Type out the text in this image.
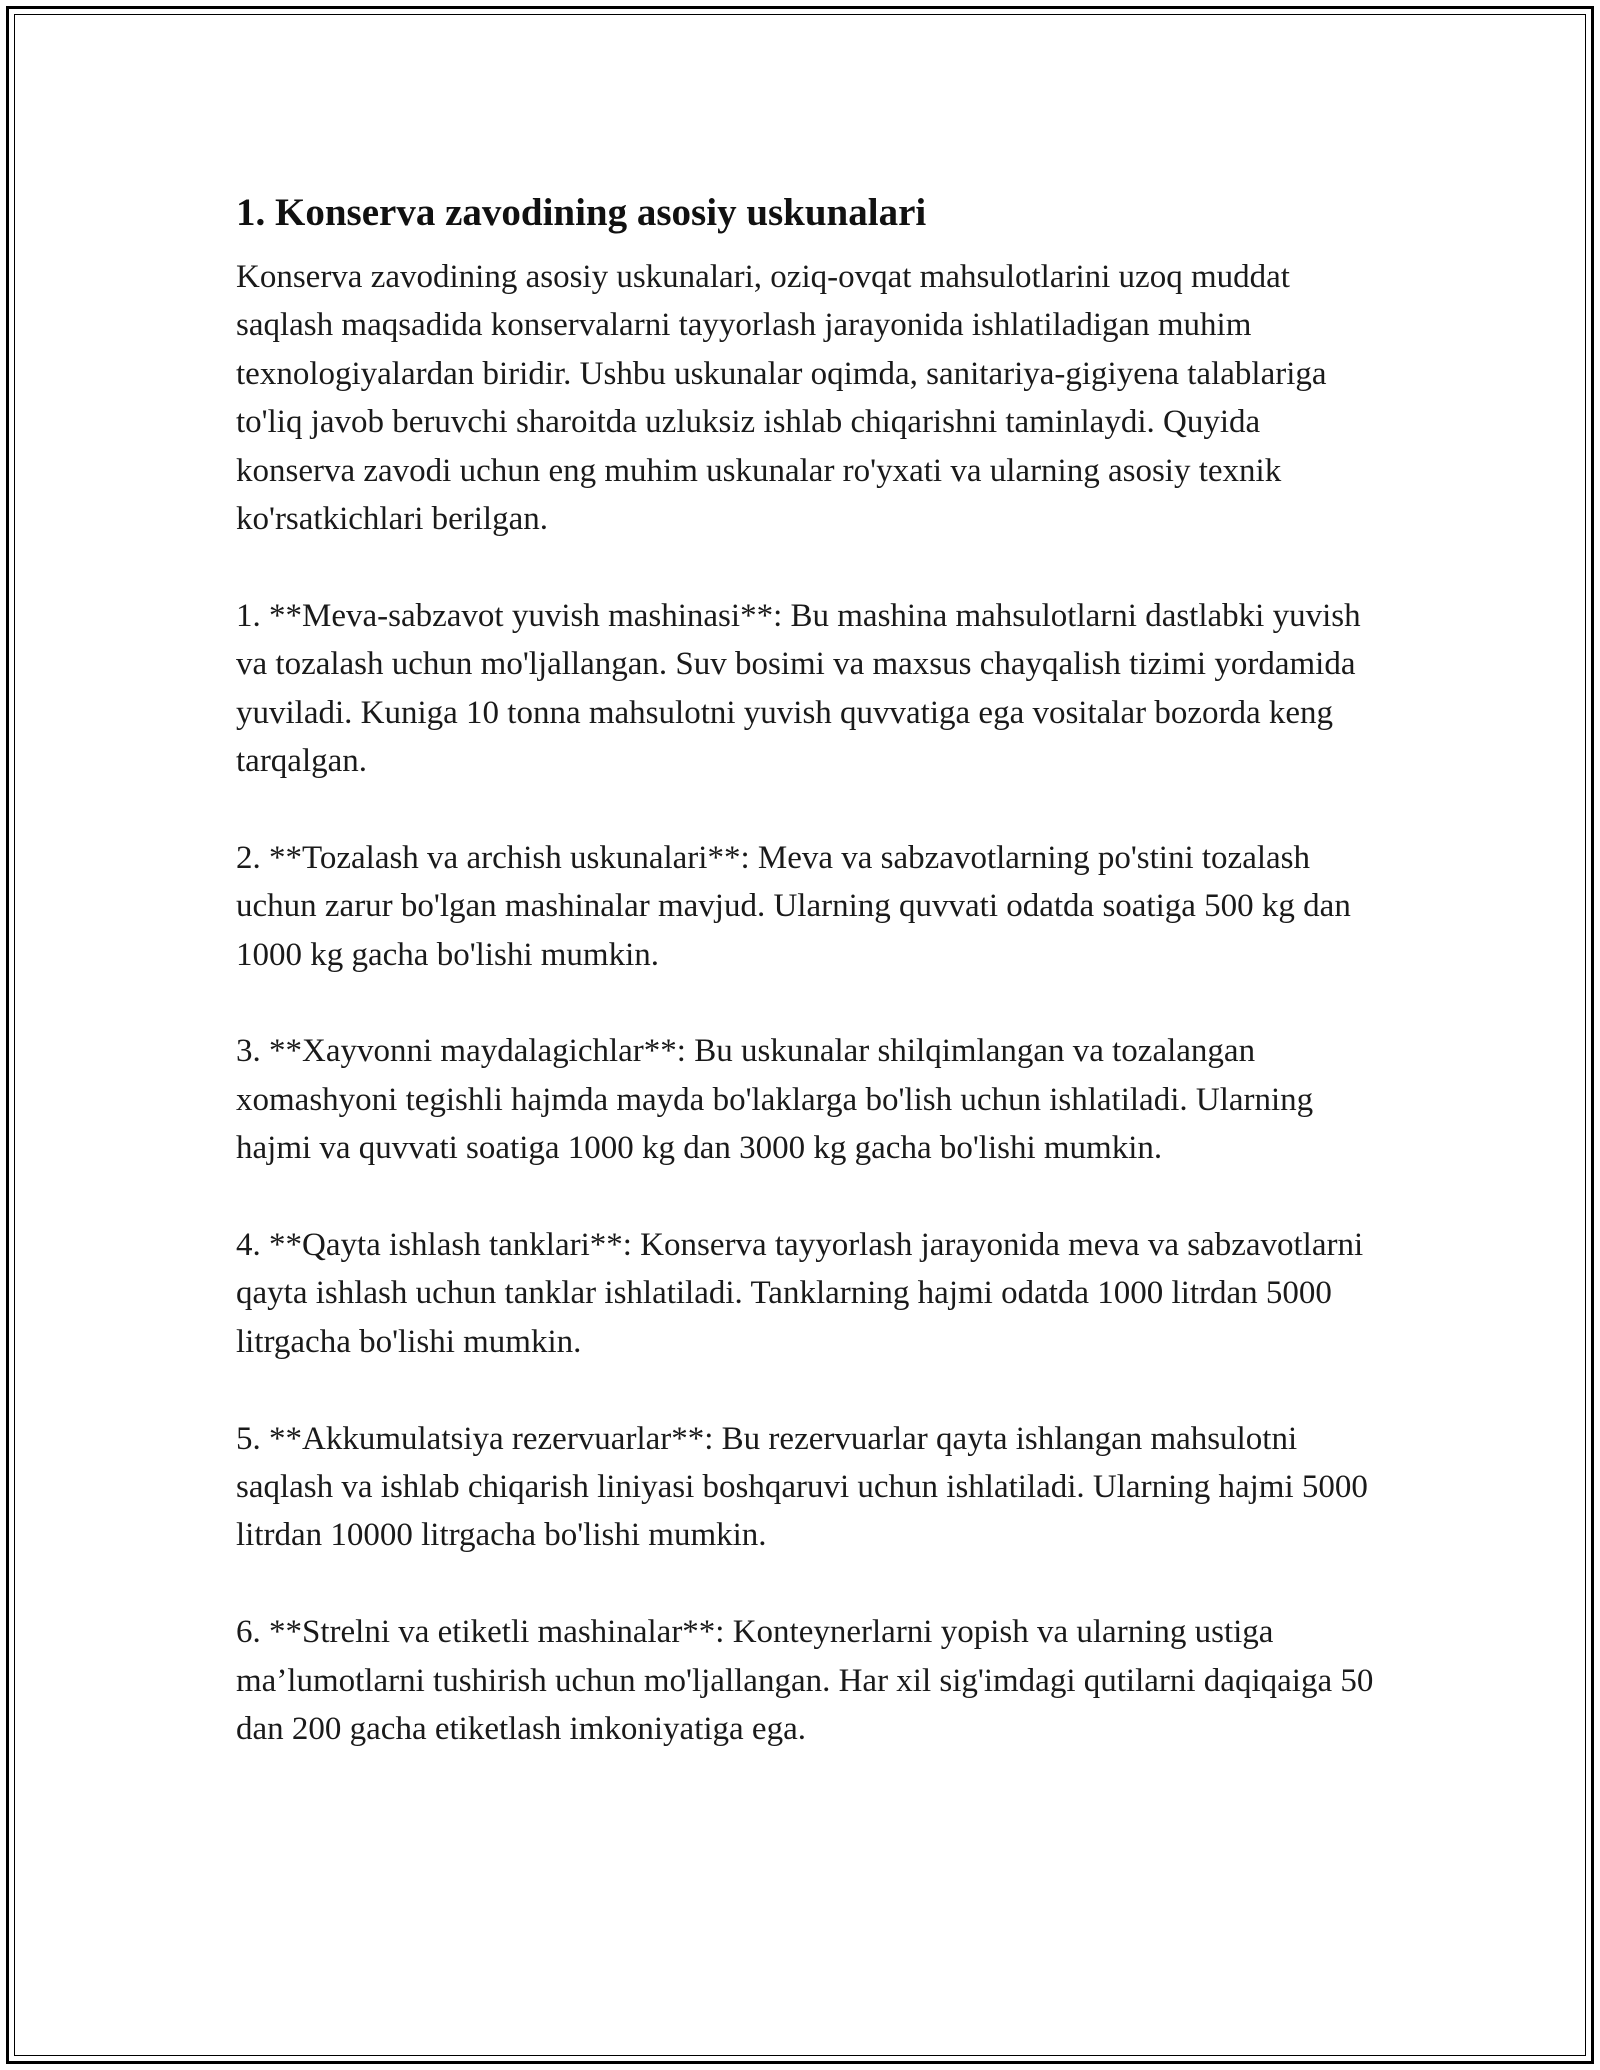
1. Konserva zavodining asosiy uskunalari

Konserva zavodining asosiy uskunalari, oziq-ovqat mahsulotlarini uzoq muddat saqlash maqsadida konservalarni tayyorlash jarayonida ishlatiladigan muhim texnologiyalardan biridir. Ushbu uskunalar oqimda, sanitariya-gigiyena talablariga to'liq javob beruvchi sharoitda uzluksiz ishlab chiqarishni taminlaydi. Quyida konserva zavodi uchun eng muhim uskunalar ro'yxati va ularning asosiy texnik ko'rsatkichlari berilgan.

1. **Meva-sabzavot yuvish mashinasi**: Bu mashina mahsulotlarni dastlabki yuvish va tozalash uchun mo'ljallangan. Suv bosimi va maxsus chayqalish tizimi yordamida yuviladi. Kuniga 10 tonna mahsulotni yuvish quvvatiga ega vositalar bozorda keng tarqalgan.

2. **Tozalash va archish uskunalari**: Meva va sabzavotlarning po'stini tozalash uchun zarur bo'lgan mashinalar mavjud. Ularning quvvati odatda soatiga 500 kg dan 1000 kg gacha bo'lishi mumkin.

3. **Xayvonni maydalagichlar**: Bu uskunalar shilqimlangan va tozalangan xomashyoni tegishli hajmda mayda bo'laklarga bo'lish uchun ishlatiladi. Ularning hajmi va quvvati soatiga 1000 kg dan 3000 kg gacha bo'lishi mumkin.

4. **Qayta ishlash tanklari**: Konserva tayyorlash jarayonida meva va sabzavotlarni qayta ishlash uchun tanklar ishlatiladi. Tanklarning hajmi odatda 1000 litrdan 5000 litrgacha bo'lishi mumkin.

5. **Akkumulatsiya rezervuarlar**: Bu rezervuarlar qayta ishlangan mahsulotni saqlash va ishlab chiqarish liniyasi boshqaruvi uchun ishlatiladi. Ularning hajmi 5000 litrdan 10000 litrgacha bo'lishi mumkin.

6. **Strelni va etiketli mashinalar**: Konteynerlarni yopish va ularning ustiga ma’lumotlarni tushirish uchun mo'ljallangan. Har xil sig'imdagi qutilarni daqiqaiga 50 dan 200 gacha etiketlash imkoniyatiga ega.
